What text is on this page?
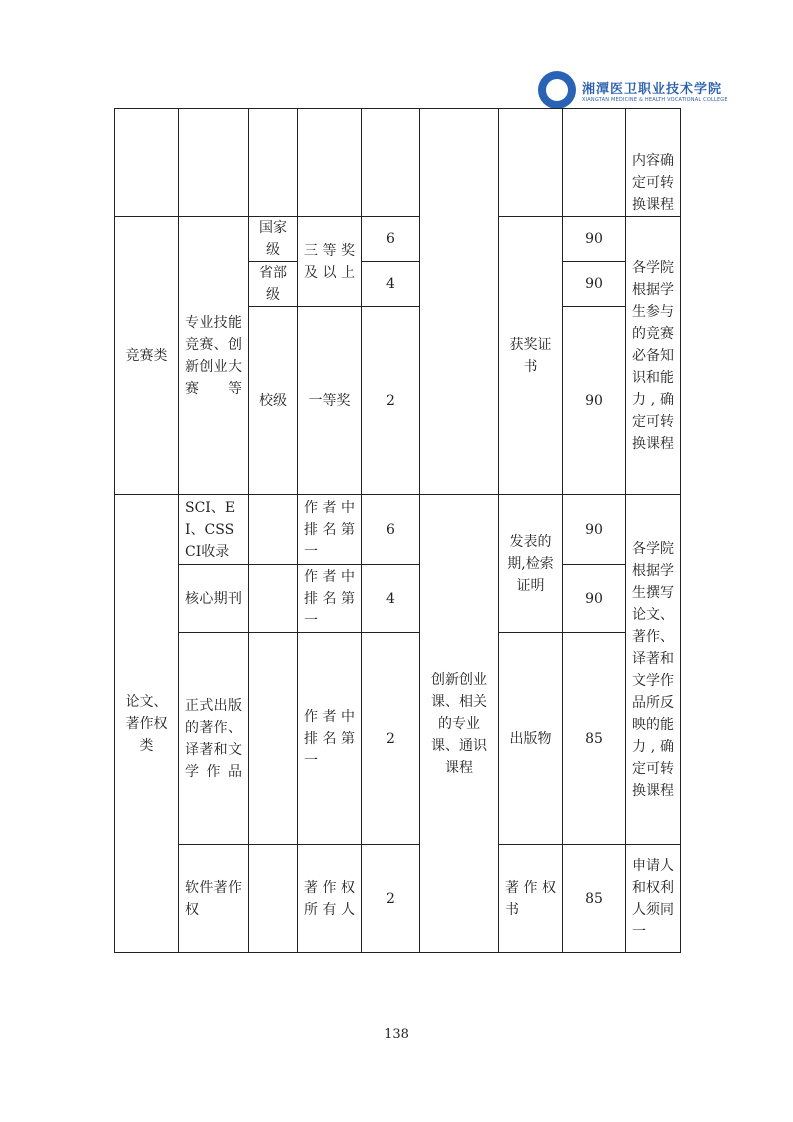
湘潭医卫职业技术学院
XIANGTAN MEDICINE & HEALTH VOCATIONAL COLLEGE
								内容确定可转换课程
竞赛类	专业技能竞赛、创新创业大赛等	国家级	三等奖及以上	6		获奖证书	90	各学院根据学生参与的竞赛必备知识和能力,确定可转换课程
		省部级		4			90	
		校级	一等奖	2			90	
论文、著作权类	SCI、EI、CSSCI收录		作者中排名第一	6	创新创业课、相关的专业课、通识课程	发表的期,检索证明	90	各学院根据学生撰写论文、著作、译著和文学作品所反映的能力,确定可转换课程
	核心期刊		作者中排名第一	4			90	
	正式出版的著作、译著和文学作品		作者中排名第一	2		出版物	85	
	软件著作权		著作权所有人	2		著作权书	85	申请人和权利人须同一
138
